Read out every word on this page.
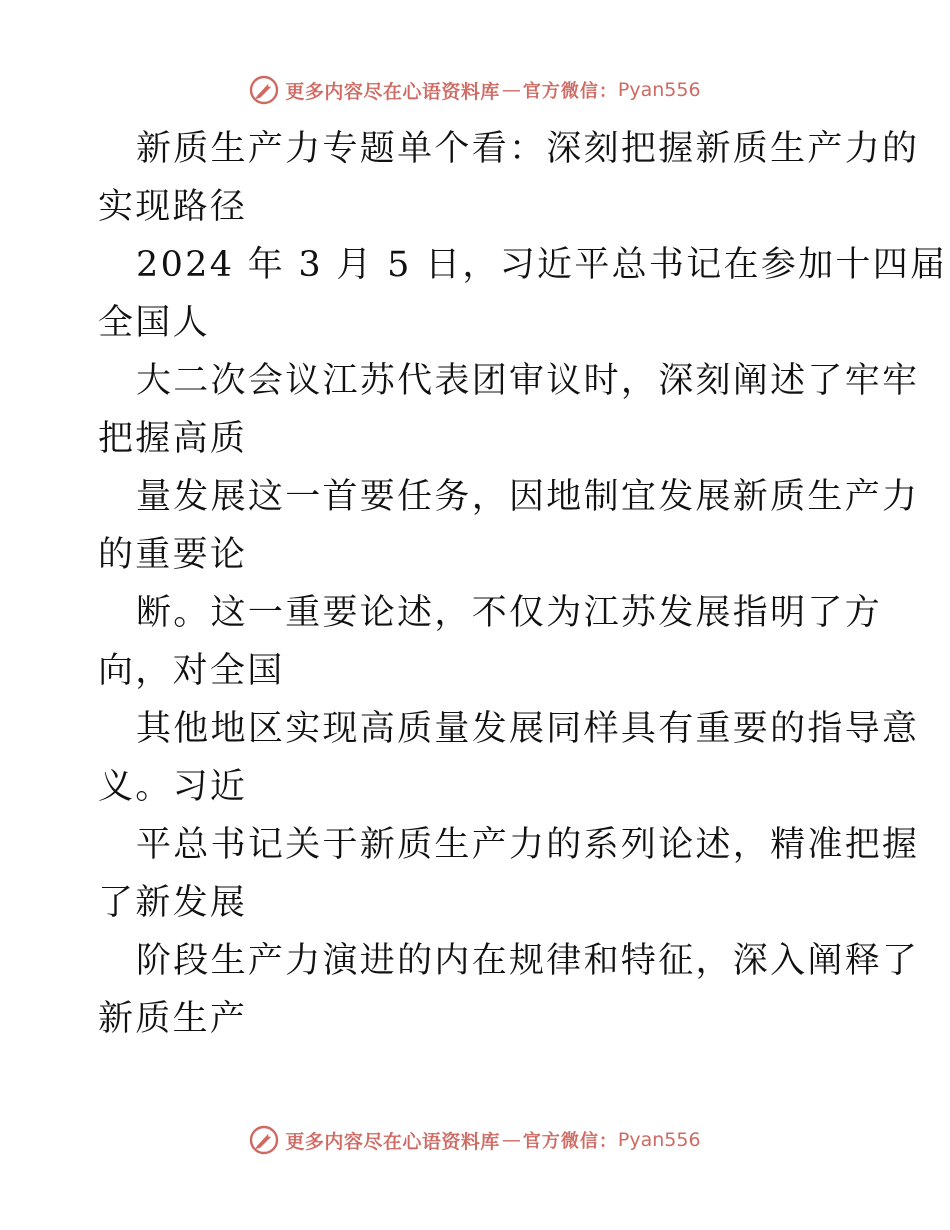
更多内容尽在心语资料库 — 官方微信： Pyan556
新质生产力专题单个看：深刻把握新质生产力的
实现路径
2024 年 3 月 5 日，习近平总书记在参加十四届
全国人
大二次会议江苏代表团审议时，深刻阐述了牢牢
把握高质
量发展这一首要任务，因地制宜发展新质生产力
的重要论
断。这一重要论述，不仅为江苏发展指明了方
向，对全国
其他地区实现高质量发展同样具有重要的指导意
义。习近
平总书记关于新质生产力的系列论述，精准把握
了新发展
阶段生产力演进的内在规律和特征，深入阐释了
新质生产
更多内容尽在心语资料库 — 官方微信： Pyan556
